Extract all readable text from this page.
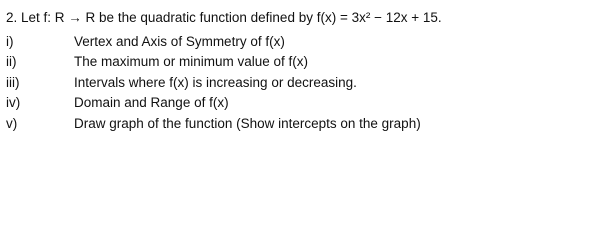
2. Let f: R → R be the quadratic function defined by f(x) = 3x² − 12x + 15.
i)	Vertex and Axis of Symmetry of f(x)
ii)	The maximum or minimum value of f(x)
iii)	Intervals where f(x) is increasing or decreasing.
iv)	Domain and Range of f(x)
v)	Draw graph of the function (Show intercepts on the graph)
